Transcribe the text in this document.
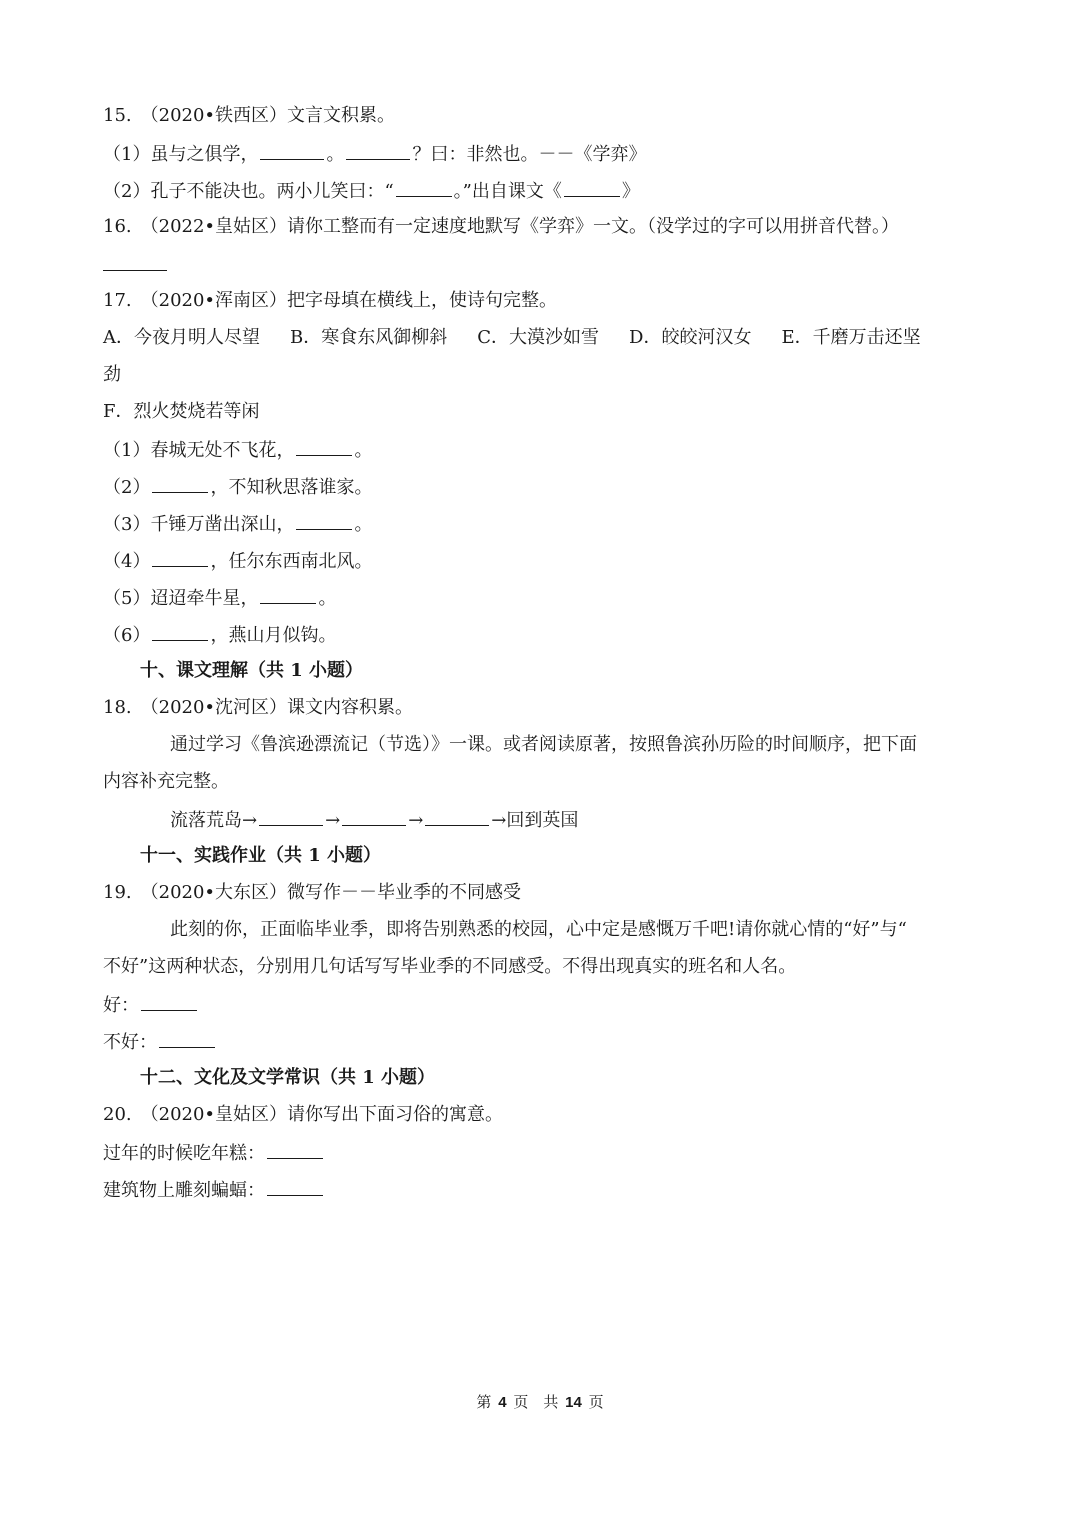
15.　（2020•铁西区）文言文积累。
（1）虽与之俱学，	。	？曰：非然也。－－《学弈》
（2）孔子不能决也。两小儿笑曰：“	。”出自课文《	》
16.　（2022•皇姑区）请你工整而有一定速度地默写《学弈》一文。（没学过的字可以用拼音代替。）
17.　（2020•浑南区）把字母填在横线上，使诗句完整。
A．今夜月明人尽望 B．寒食东风御柳斜 C．大漠沙如雪 D．皎皎河汉女 E．千磨万击还坚
劲
F．烈火焚烧若等闲
（1）春城无处不飞花，	。
（2）	，不知秋思落谁家。
（3）千锤万凿出深山，	。
（4）	，任尔东西南北风。
（5）迢迢牵牛星，	。
（6）	，燕山月似钩。
十、课文理解（共 1 小题）
18.　（2020•沈河区）课文内容积累。
通过学习《鲁滨逊漂流记（节选）》一课。或者阅读原著，按照鲁滨孙历险的时间顺序，把下面
内容补充完整。
流落荒岛→	→	→	→回到英国
十一、实践作业（共 1 小题）
19.　（2020•大东区）微写作－－毕业季的不同感受
此刻的你，正面临毕业季，即将告别熟悉的校园，心中定是感慨万千吧!请你就心情的“好”与“
不好”这两种状态，分别用几句话写写毕业季的不同感受。不得出现真实的班名和人名。
好：
不好：
十二、文化及文学常识（共 1 小题）
20.　（2020•皇姑区）请你写出下面习俗的寓意。
过年的时候吃年糕：
建筑物上雕刻蝙蝠：
第 4 页　共 14 页
